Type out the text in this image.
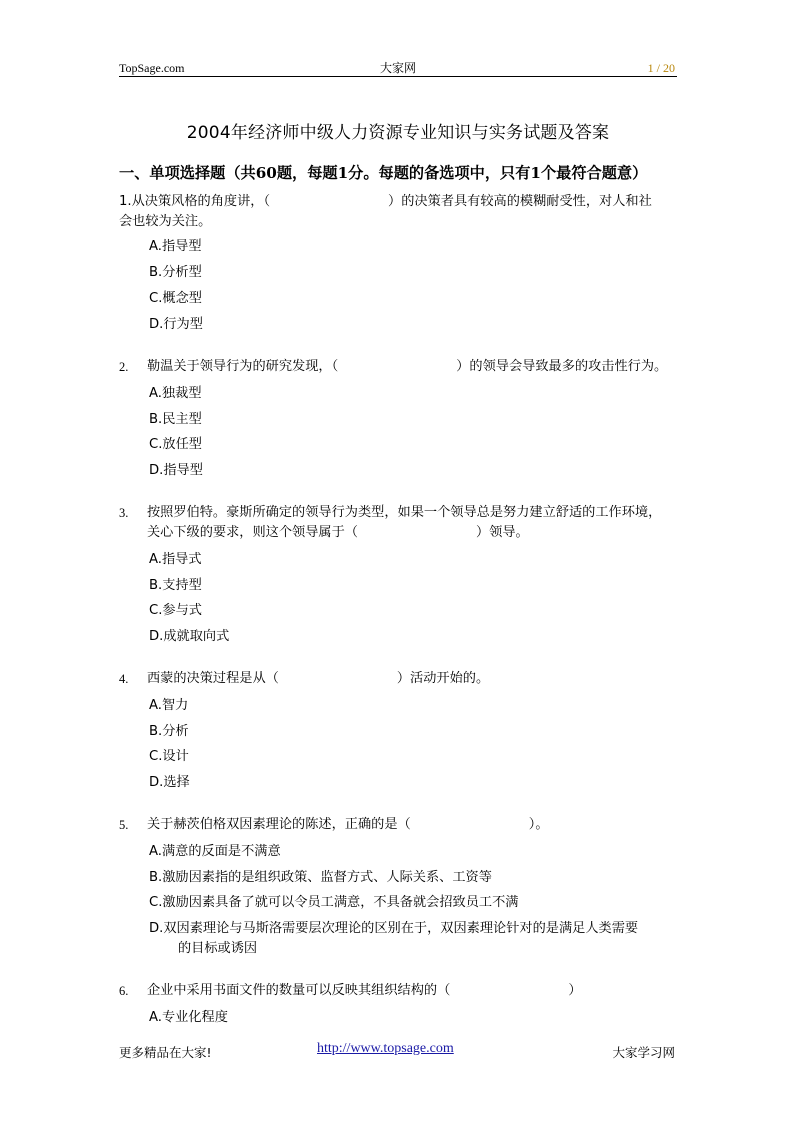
TopSage.com	大家网	1 / 20
2004年经济师中级人力资源专业知识与实务试题及答案
一、单项选择题（共60题，每题1分。每题的备选项中，只有1个最符合题意）
1.从决策风格的角度讲，（	）的决策者具有较高的模糊耐受性，对人和社
会也较为关注。
A.指导型
B.分析型
C.概念型
D.行为型
2. 勒温关于领导行为的研究发现，（	）的领导会导致最多的攻击性行为。
A.独裁型
B.民主型
C.放任型
D.指导型
3. 按照罗伯特。豪斯所确定的领导行为类型，如果一个领导总是努力建立舒适的工作环境，
关心下级的要求，则这个领导属于（	）领导。
A.指导式
B.支持型
C.参与式
D.成就取向式
4. 西蒙的决策过程是从（	）活动开始的。
A.智力
B.分析
C.设计
D.选择
5. 关于赫茨伯格双因素理论的陈述，正确的是（	）。
A.满意的反面是不满意
B.激励因素指的是组织政策、监督方式、人际关系、工资等
C.激励因素具备了就可以令员工满意，不具备就会招致员工不满
D.双因素理论与马斯洛需要层次理论的区别在于，双因素理论针对的是满足人类需要
的目标或诱因
6. 企业中采用书面文件的数量可以反映其组织结构的（	）
A.专业化程度
更多精品在大家!	http://www.topsage.com	大家学习网
